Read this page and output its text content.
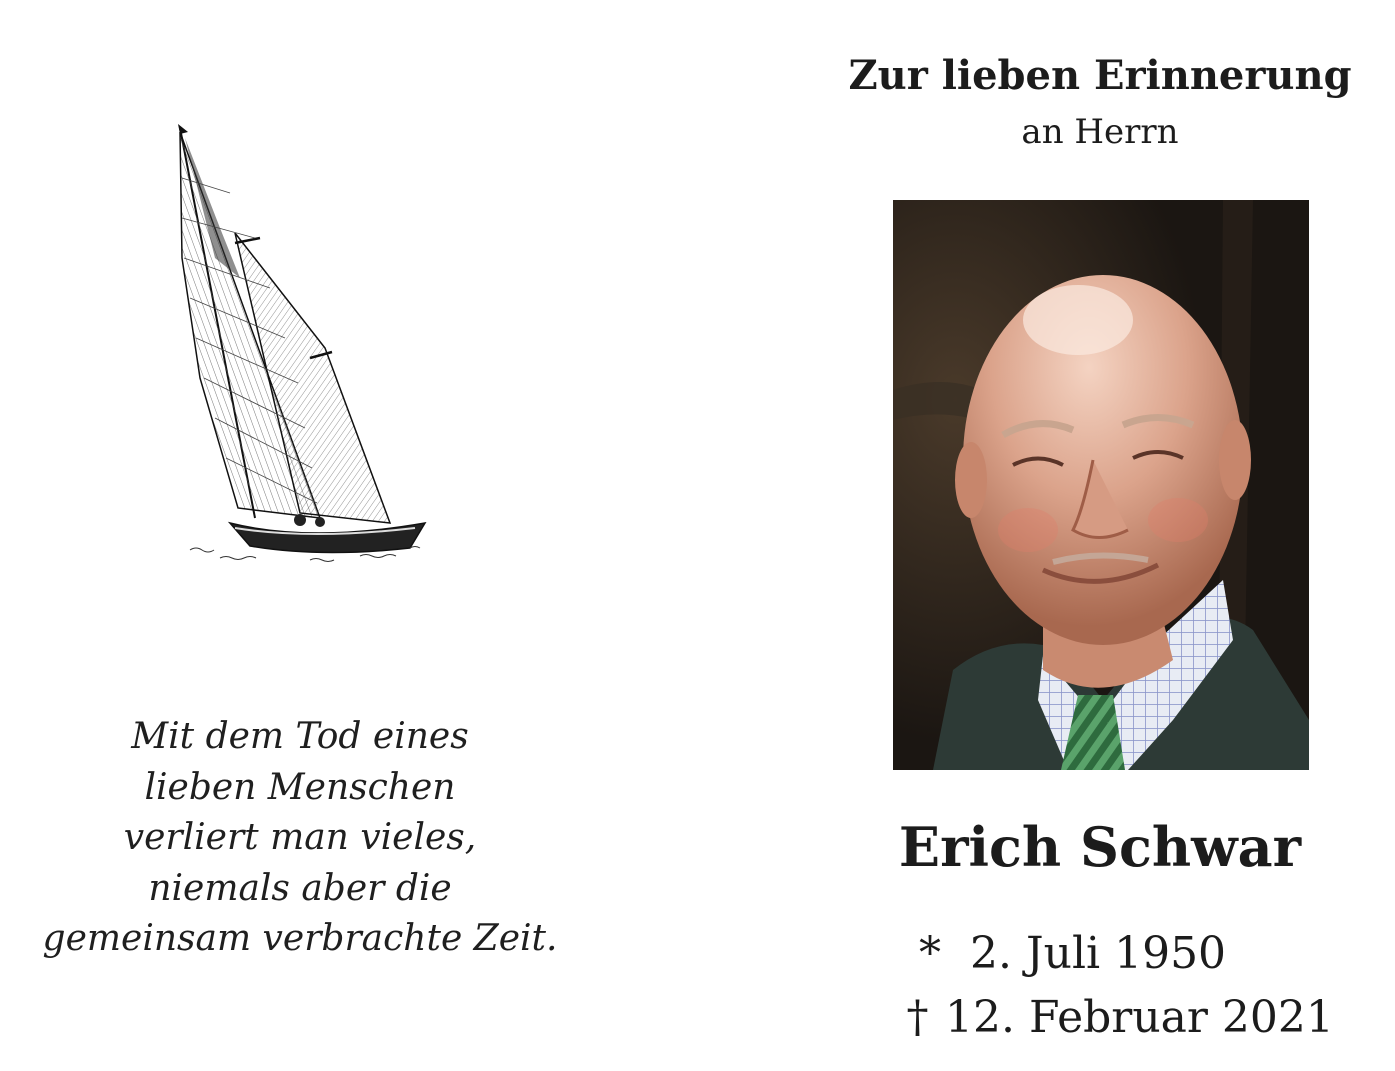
Mit dem Tod eines
lieben Menschen
verliert man vieles,
niemals aber die
gemeinsam verbrachte Zeit.
Zur lieben Erinnerung
an Herrn
Erich Schwar
* 2. Juli 1950
† 12. Februar 2021
